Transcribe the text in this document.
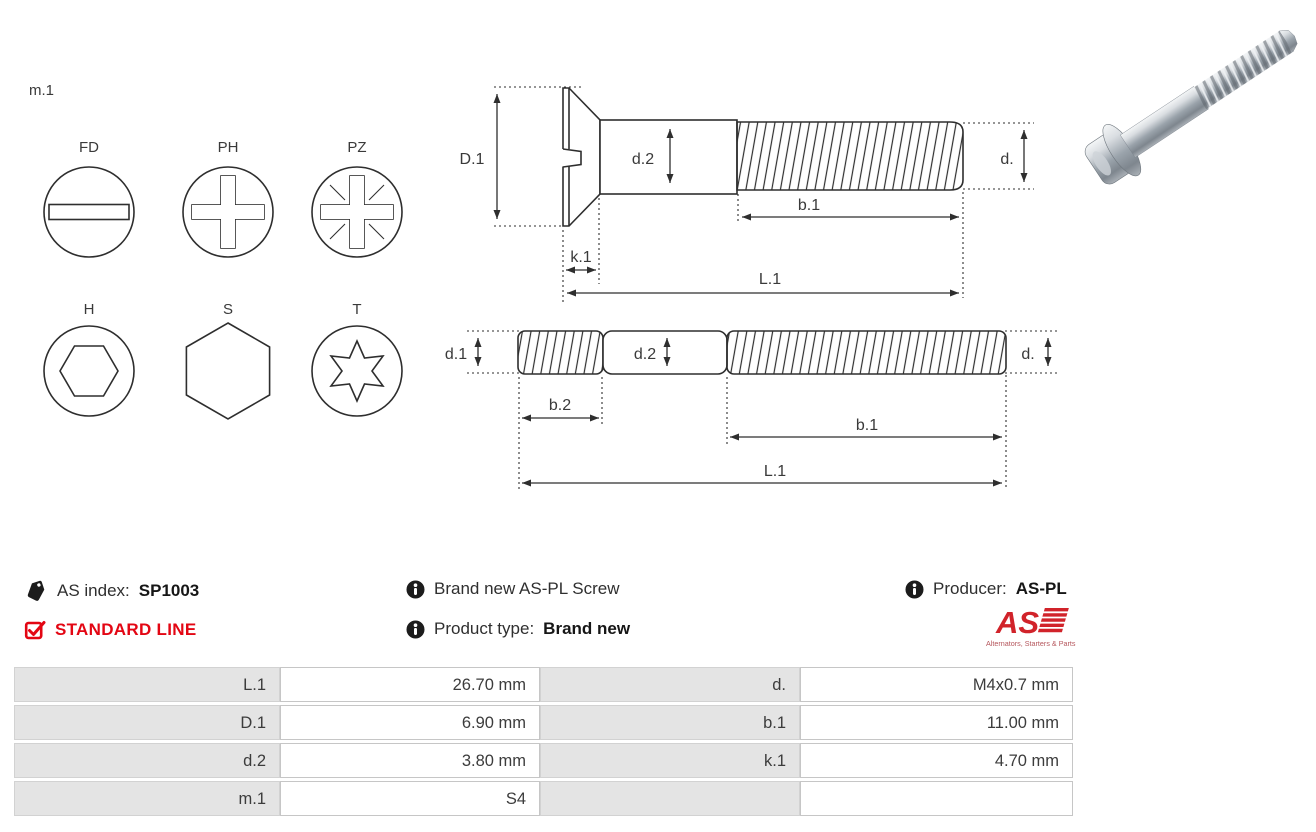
m.1
FD	PH	PZ
H	S	T
D.1	d.2	d.
k.1
b.1
L.1
d.1	d.2	d.
b.2
b.1
L.1
AS index: SP1003
STANDARD LINE
Brand new AS-PL Screw
Product type: Brand new
Producer: AS-PL
AS
Alternators, Starters & Parts
L.1	26.70 mm	d.	M4x0.7 mm
D.1	6.90 mm	b.1	11.00 mm
d.2	3.80 mm	k.1	4.70 mm
m.1	S4
